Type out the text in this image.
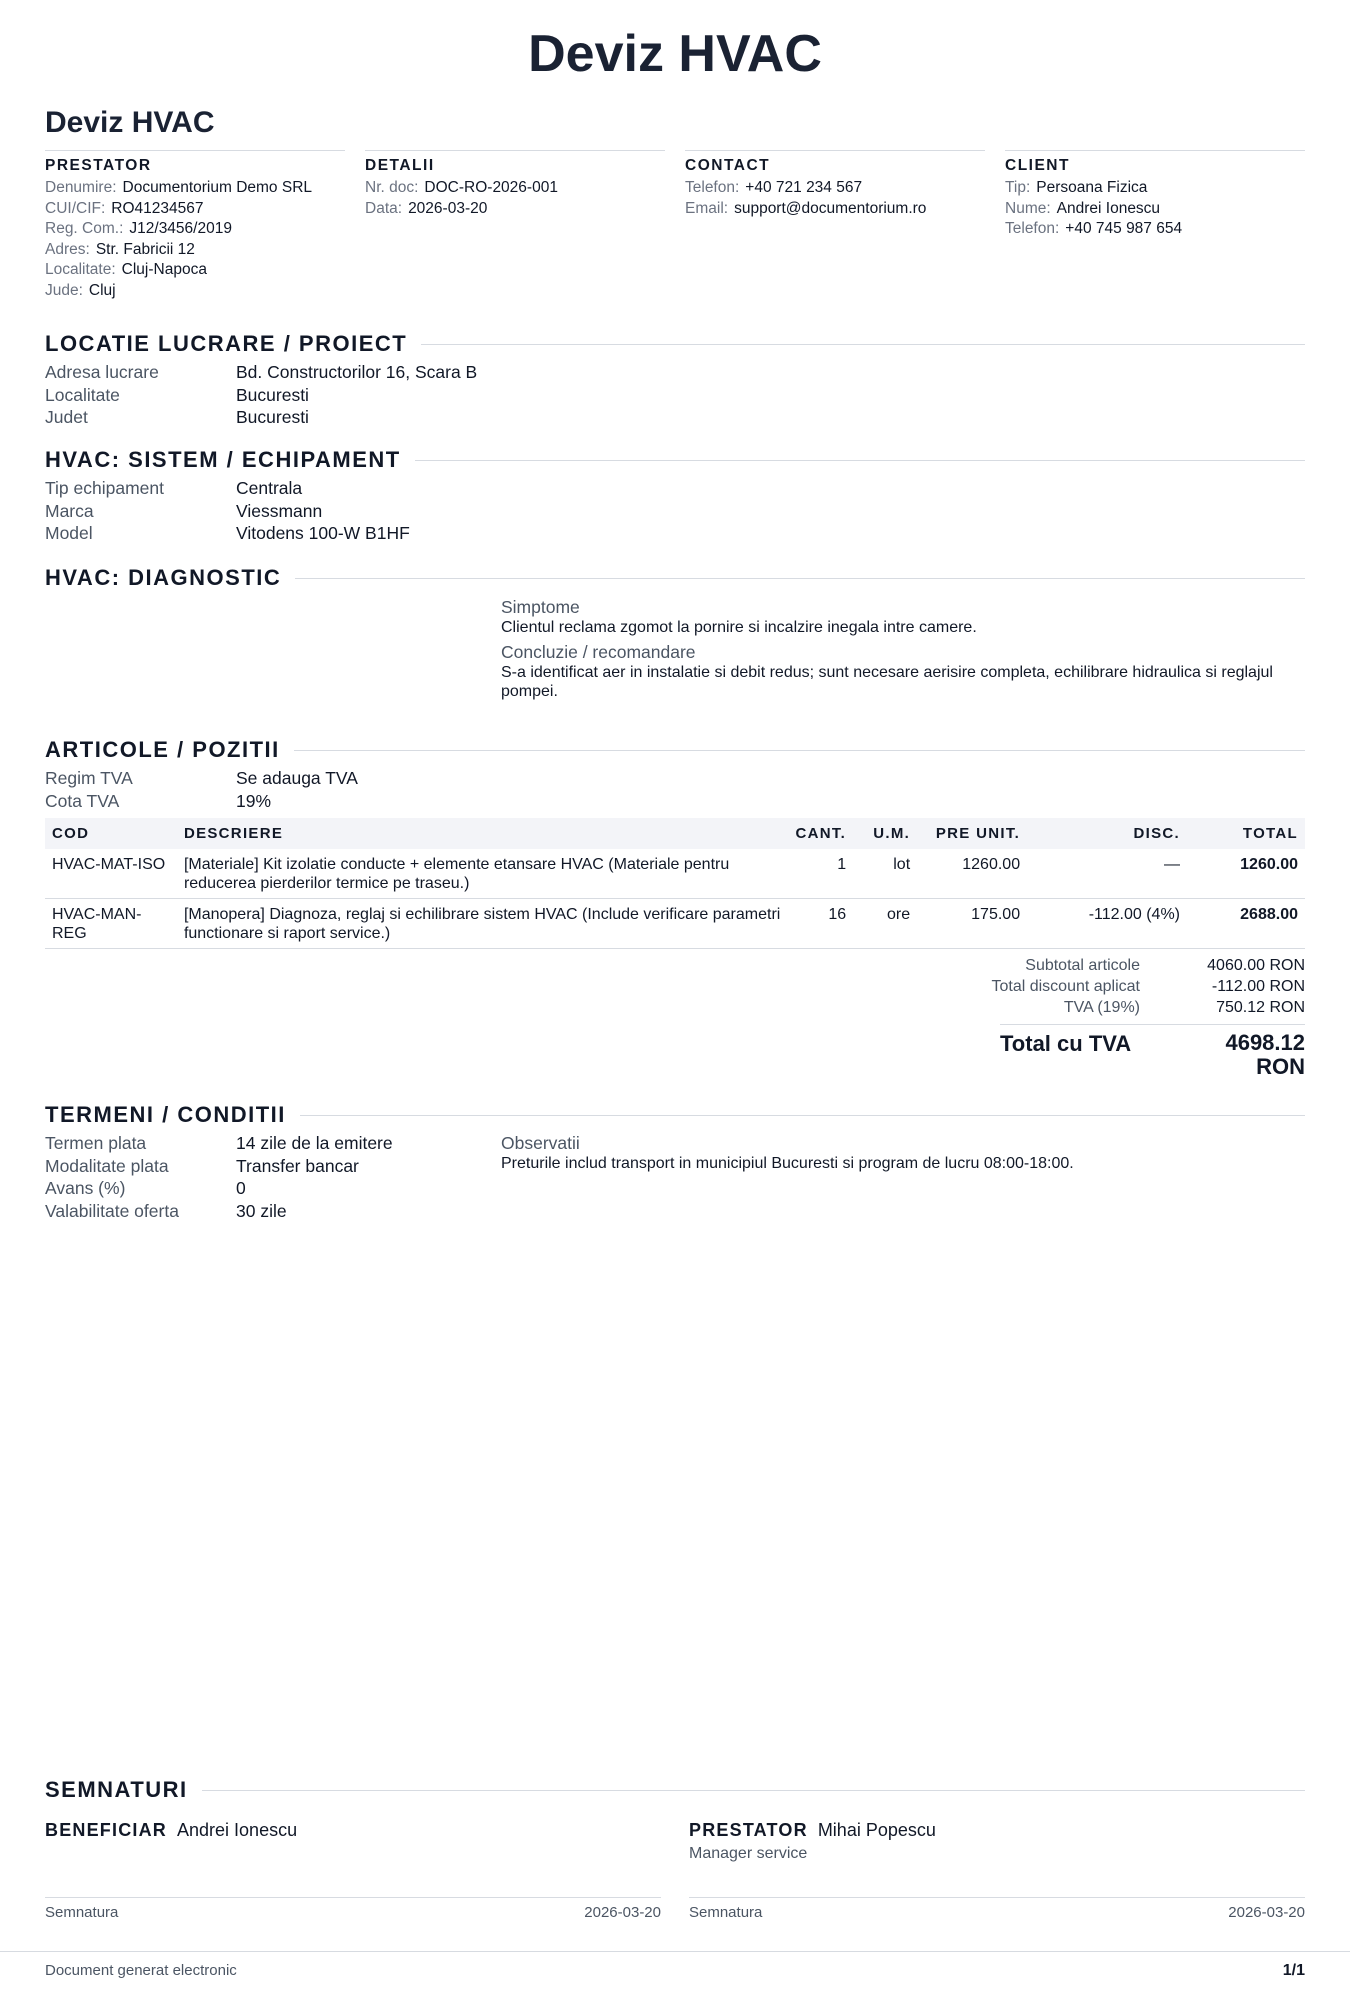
Deviz HVAC
Deviz HVAC
PRESTATOR
Denumire: Documentorium Demo SRL
CUI/CIF: RO41234567
Reg. Com.: J12/3456/2019
Adres: Str. Fabricii 12
Localitate: Cluj-Napoca
Jude: Cluj
DETALII
Nr. doc: DOC-RO-2026-001
Data: 2026-03-20
CONTACT
Telefon: +40 721 234 567
Email: support@documentorium.ro
CLIENT
Tip: Persoana Fizica
Nume: Andrei Ionescu
Telefon: +40 745 987 654
LOCATIE LUCRARE / PROIECT
Adresa lucrare	Bd. Constructorilor 16, Scara B
Localitate	Bucuresti
Judet	Bucuresti
HVAC: SISTEM / ECHIPAMENT
Tip echipament	Centrala
Marca	Viessmann
Model	Vitodens 100-W B1HF
HVAC: DIAGNOSTIC
Simptome
Clientul reclama zgomot la pornire si incalzire inegala intre camere.
Concluzie / recomandare
S-a identificat aer in instalatie si debit redus; sunt necesare aerisire completa, echilibrare hidraulica si reglajul pompei.
ARTICOLE / POZITII
Regim TVA	Se adauga TVA
Cota TVA	19%
COD	DESCRIERE	CANT.	U.M.	PRE UNIT.	DISC.	TOTAL
HVAC-MAT-ISO	[Materiale] Kit izolatie conducte + elemente etansare HVAC (Materiale pentru reducerea pierderilor termice pe traseu.)	1	lot	1260.00	—	1260.00
HVAC-MAN-REG	[Manopera] Diagnoza, reglaj si echilibrare sistem HVAC (Include verificare parametri functionare si raport service.)	16	ore	175.00	-112.00 (4%)	2688.00
Subtotal articole	4060.00 RON
Total discount aplicat	-112.00 RON
TVA (19%)	750.12 RON
Total cu TVA	4698.12 RON
TERMENI / CONDITII
Termen plata	14 zile de la emitere
Modalitate plata	Transfer bancar
Avans (%)	0
Valabilitate oferta	30 zile
Observatii
Preturile includ transport in municipiul Bucuresti si program de lucru 08:00-18:00.
SEMNATURI
BENEFICIAR Andrei Ionescu	PRESTATOR Mihai Popescu
Manager service
Semnatura	2026-03-20 Semnatura	2026-03-20
Document generat electronic	1/1
